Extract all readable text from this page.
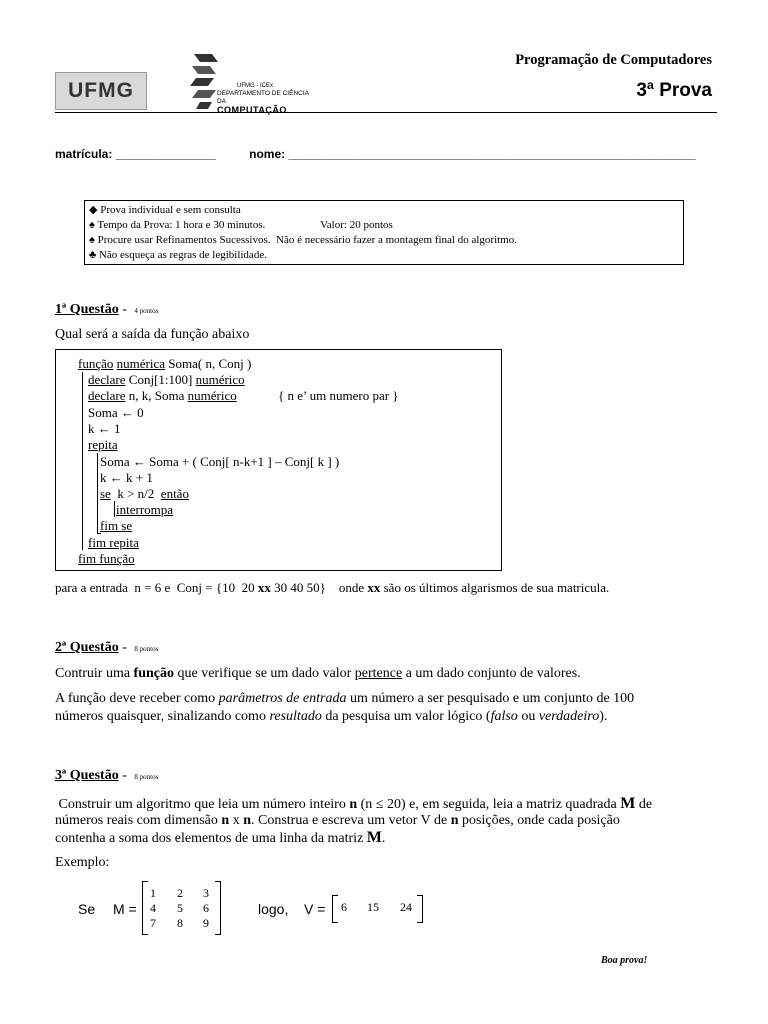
UFMG	UFMG - ICEx
DEPARTAMENTO DE CIÊNCIA DA
COMPUTAÇÃO
Programação de Computadores
3ª Prova
matrícula: _______________	nome: _____________________________________________________________
◆ Prova individual e sem consulta
♠ Tempo da Prova: 1 hora e 30 minutos.                    Valor: 20 pontos
♠ Procure usar Refinamentos Sucessivos.  Não é necessário fazer a montagem final do algoritmo.
♣ Não esqueça as regras de legibilidade.
1ª Questão - 4 pontos
Qual será a saída da função abaixo
função numérica Soma( n, Conj )
declare Conj[1:100] numérico
declare n, k, Soma numérico	{ n e’ um numero par }
Soma ← 0
k ← 1
repita
Soma ← Soma + ( Conj[ n-k+1 ] – Conj[ k ] )
k ← k + 1
se  k > n/2  então
interrompa
fim se
fim repita
fim função
para a entrada  n = 6 e  Conj = {10  20 xx 30 40 50}    onde xx são os últimos algarismos de sua matricula.
2ª Questão - 8 pontos
Contruir uma função que verifique se um dado valor pertence a um dado conjunto de valores.
A função deve receber como parâmetros de entrada um número a ser pesquisado e um conjunto de 100
números quaisquer, sinalizando como resultado da pesquisa um valor lógico (falso ou verdadeiro).
3ª Questão - 8 pontos
Construir um algoritmo que leia um número inteiro n (n ≤ 20) e, em seguida, leia a matriz quadrada M de
números reais com dimensão n x n. Construa e escreva um vetor V de n posições, onde cada posição
contenha a soma dos elementos de uma linha da matriz M.
Exemplo:
Se M =
1 2 3
4 5 6
7 8 9
logo, V = 6 15 24
Boa prova!
